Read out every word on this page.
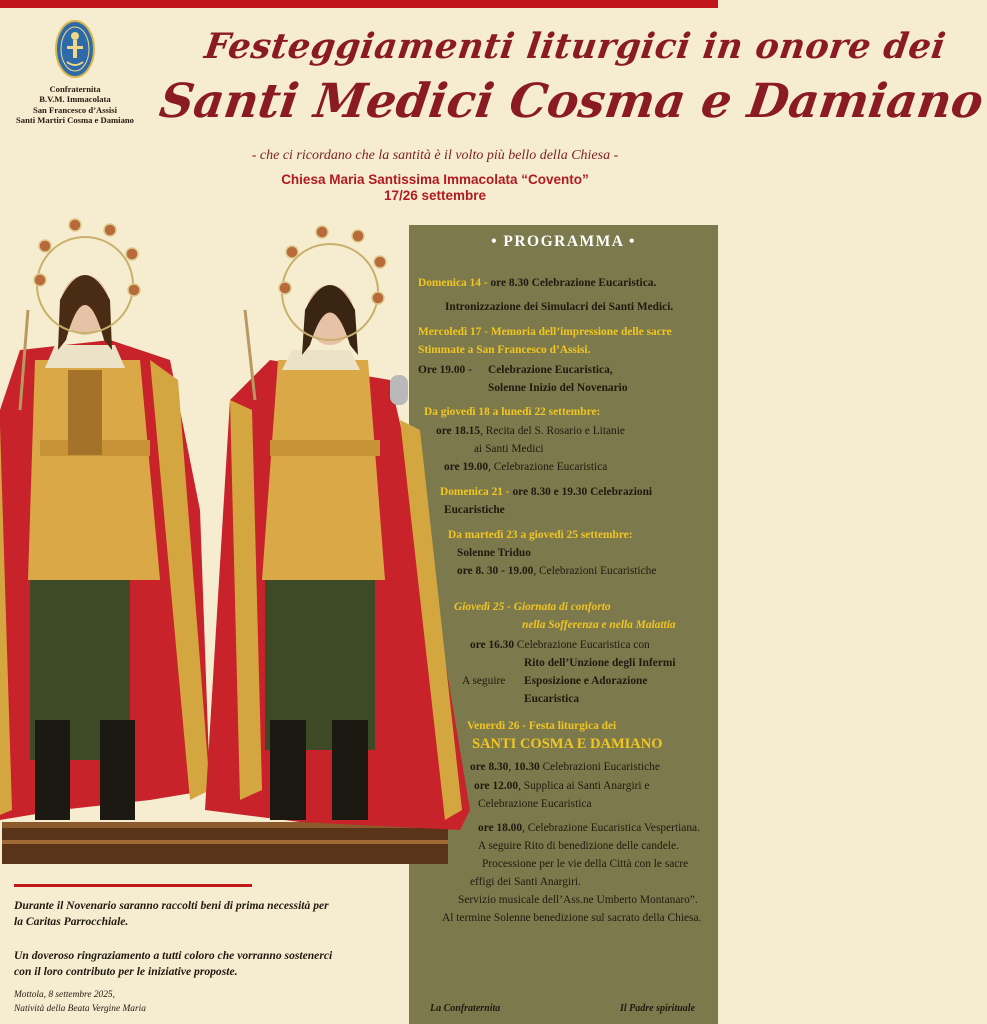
Confraternita
B.V.M. Immacolata
San Francesco d’Assisi
Santi Martiri Cosma e Damiano
Festeggiamenti liturgici in onore dei
Santi Medici Cosma e Damiano
- che ci ricordano che la santità è il volto più bello della Chiesa -
Chiesa Maria Santissima Immacolata “Covento”
17/26 settembre
• PROGRAMMA •
Domenica 14 - ore 8.30 Celebrazione Eucaristica.
Intronizzazione dei Simulacri dei Santi Medici.
Mercoledì 17 - Memoria dell’impressione delle sacre
Stimmate a San Francesco d’Assisi.
Ore 19.00 - Celebrazione Eucaristica,
Solenne Inizio del Novenario
Da giovedì 18 a lunedì 22 settembre:
ore 18.15, Recita del S. Rosario e Litanie
ai Santi Medici
ore 19.00, Celebrazione Eucaristica
Domenica 21 - ore 8.30 e 19.30 Celebrazioni
Eucaristiche
Da martedì 23 a giovedì 25 settembre:
Solenne Triduo
ore 8. 30 - 19.00, Celebrazioni Eucaristiche
Giovedì 25 - Giornata di conforto
nella Sofferenza e nella Malattia
ore 16.30 Celebrazione Eucaristica con
Rito dell’Unzione degli Infermi
A seguire Esposizione e Adorazione
Eucaristica
Venerdì 26 - Festa liturgica dei
SANTI COSMA E DAMIANO
ore 8.30, 10.30 Celebrazioni Eucaristiche
ore 12.00, Supplica ai Santi Anargiri e
Celebrazione Eucaristica
ore 18.00, Celebrazione Eucaristica Vespertiana.
A seguire Rito di benedizione delle candele.
Processione per le vie della Città con le sacre
effigi dei Santi Anargiri.
Servizio musicale dell’Ass.ne Umberto Montanaro”.
Al termine Solenne benedizione sul sacrato della Chiesa.
Durante il Novenario saranno raccolti beni di prima necessità per
la Caritas Parrocchiale.
Un doveroso ringraziamento a tutti coloro che vorranno sostenerci
con il loro contributo per le iniziative proposte.
Mottola, 8 settembre 2025,
Natività della Beata Vergine Maria	La Confraternita	Il Padre spirituale
